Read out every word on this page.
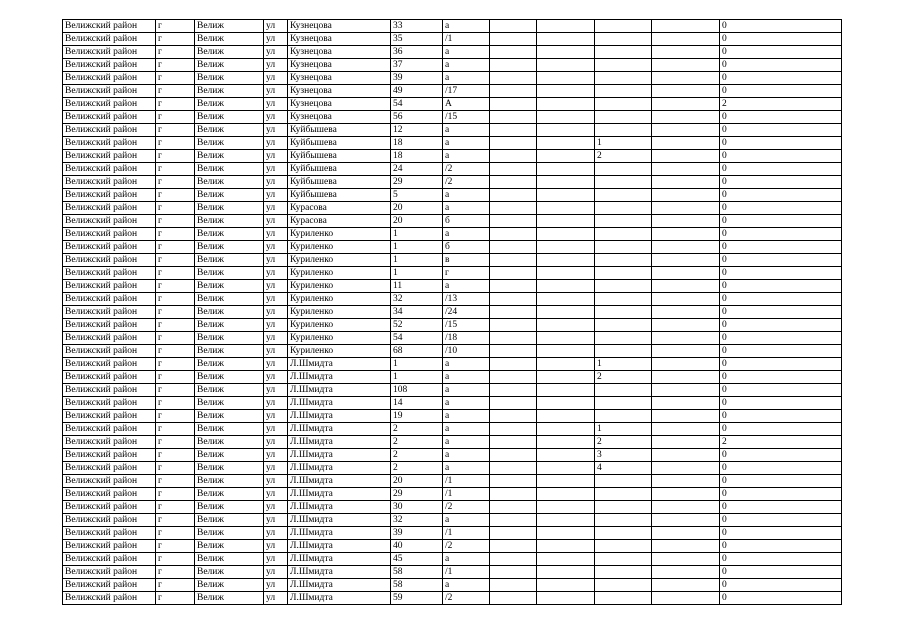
Велижский район	г	Велиж	ул	Кузнецова	33	а					0
Велижский район	г	Велиж	ул	Кузнецова	35	/1					0
Велижский район	г	Велиж	ул	Кузнецова	36	а					0
Велижский район	г	Велиж	ул	Кузнецова	37	а					0
Велижский район	г	Велиж	ул	Кузнецова	39	а					0
Велижский район	г	Велиж	ул	Кузнецова	49	/17					0
Велижский район	г	Велиж	ул	Кузнецова	54	А					2
Велижский район	г	Велиж	ул	Кузнецова	56	/15					0
Велижский район	г	Велиж	ул	Куйбышева	12	а					0
Велижский район	г	Велиж	ул	Куйбышева	18	а			1		0
Велижский район	г	Велиж	ул	Куйбышева	18	а			2		0
Велижский район	г	Велиж	ул	Куйбышева	24	/2					0
Велижский район	г	Велиж	ул	Куйбышева	29	/2					0
Велижский район	г	Велиж	ул	Куйбышева	5	а					0
Велижский район	г	Велиж	ул	Курасова	20	а					0
Велижский район	г	Велиж	ул	Курасова	20	б					0
Велижский район	г	Велиж	ул	Куриленко	1	а					0
Велижский район	г	Велиж	ул	Куриленко	1	б					0
Велижский район	г	Велиж	ул	Куриленко	1	в					0
Велижский район	г	Велиж	ул	Куриленко	1	г					0
Велижский район	г	Велиж	ул	Куриленко	11	а					0
Велижский район	г	Велиж	ул	Куриленко	32	/13					0
Велижский район	г	Велиж	ул	Куриленко	34	/24					0
Велижский район	г	Велиж	ул	Куриленко	52	/15					0
Велижский район	г	Велиж	ул	Куриленко	54	/18					0
Велижский район	г	Велиж	ул	Куриленко	68	/10					0
Велижский район	г	Велиж	ул	Л.Шмидта	1	а			1		0
Велижский район	г	Велиж	ул	Л.Шмидта	1	а			2		0
Велижский район	г	Велиж	ул	Л.Шмидта	108	а					0
Велижский район	г	Велиж	ул	Л.Шмидта	14	а					0
Велижский район	г	Велиж	ул	Л.Шмидта	19	а					0
Велижский район	г	Велиж	ул	Л.Шмидта	2	а			1		0
Велижский район	г	Велиж	ул	Л.Шмидта	2	а			2		2
Велижский район	г	Велиж	ул	Л.Шмидта	2	а			3		0
Велижский район	г	Велиж	ул	Л.Шмидта	2	а			4		0
Велижский район	г	Велиж	ул	Л.Шмидта	20	/1					0
Велижский район	г	Велиж	ул	Л.Шмидта	29	/1					0
Велижский район	г	Велиж	ул	Л.Шмидта	30	/2					0
Велижский район	г	Велиж	ул	Л.Шмидта	32	а					0
Велижский район	г	Велиж	ул	Л.Шмидта	39	/1					0
Велижский район	г	Велиж	ул	Л.Шмидта	40	/2					0
Велижский район	г	Велиж	ул	Л.Шмидта	45	а					0
Велижский район	г	Велиж	ул	Л.Шмидта	58	/1					0
Велижский район	г	Велиж	ул	Л.Шмидта	58	а					0
Велижский район	г	Велиж	ул	Л.Шмидта	59	/2					0
